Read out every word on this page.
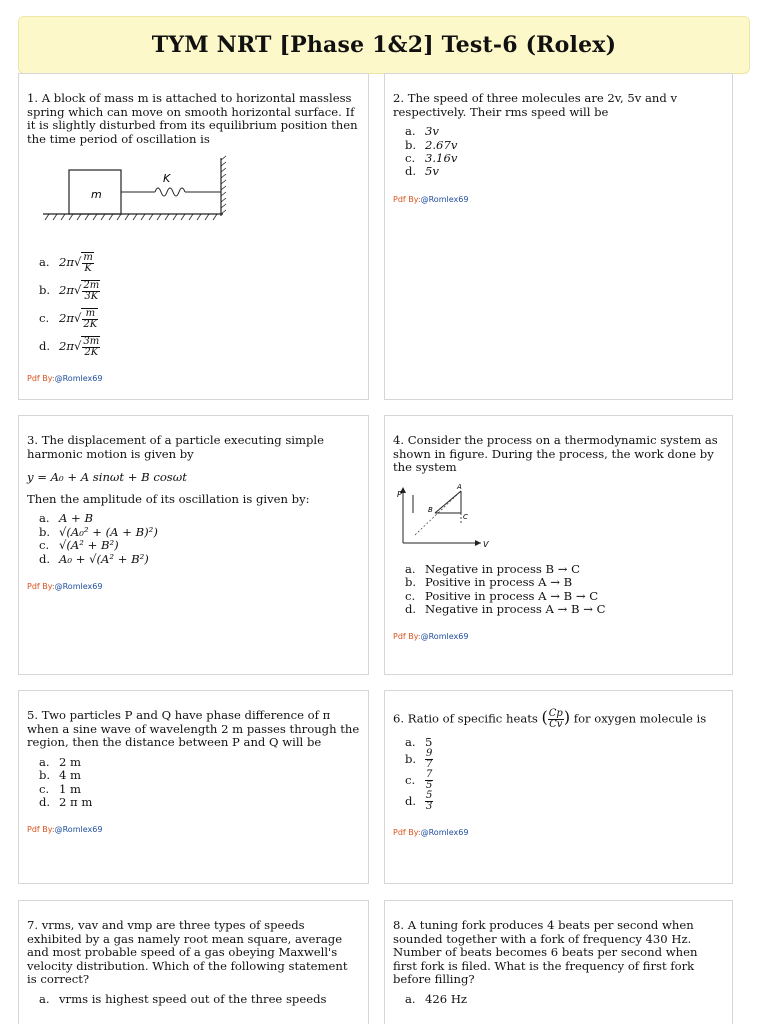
TYM NRT [Phase 1&2] Test-6 (Rolex)

1. A block of mass m is attached to horizontal massless spring which can move on smooth horizontal surface. If it is slightly disturbed from its equilibrium position then the time period of oscillation is

m
K
a. $2\pi√ \frac{m}{K}$
b. $2\pi√ \frac{2m}{3K}$
c. $2\pi√ \frac{m}{2K}$
d. $2\pi√ \frac{3m}{2K}$
Pdf By:@Romlex69

2. The speed of three molecules are 2v, 5v and v respectively. Their rms speed will be

a. 3v
b. 2.67v
c. 3.16v
d. 5v
Pdf By:@Romlex69

3. The displacement of a particle executing simple harmonic motion is given by

y = A₀ + A sinωt + B cosωt

Then the amplitude of its oscillation is given by:

a. A + B
b. √(A₀² + (A + B)²)
c. √(A² + B²)
d. A₀ + √(A² + B²)
Pdf By:@Romlex69

4. Consider the process on a thermodynamic system as shown in figure. During the process, the work done by the system

P
V
A
B
C
a. Negative in process B → C
b. Positive in process A → B
c. Positive in process A → B → C
d. Negative in process A → B → C
Pdf By:@Romlex69

5. Two particles P and Q have phase difference of π when a sine wave of wavelength 2 m passes through the region, then the distance between P and Q will be

a. 2 m
b. 4 m
c. 1 m
d. 2 π m
Pdf By:@Romlex69

6. Ratio of specific heats ( $\frac{Cp}{Cv}$ ) for oxygen molecule is

a. 5
b. $\frac{9}{7}$
c. $\frac{7}{5}$
d. $\frac{5}{3}$
Pdf By:@Romlex69

7. vrms, vav and vmp are three types of speeds exhibited by a gas namely root mean square, average and most probable speed of a gas obeying Maxwell's velocity distribution. Which of the following statement is correct?

a. vrms is highest speed out of the three speeds

8. A tuning fork produces 4 beats per second when sounded together with a fork of frequency 430 Hz. Number of beats becomes 6 beats per second when first fork is filed. What is the frequency of first fork before filling?

a. 426 Hz
